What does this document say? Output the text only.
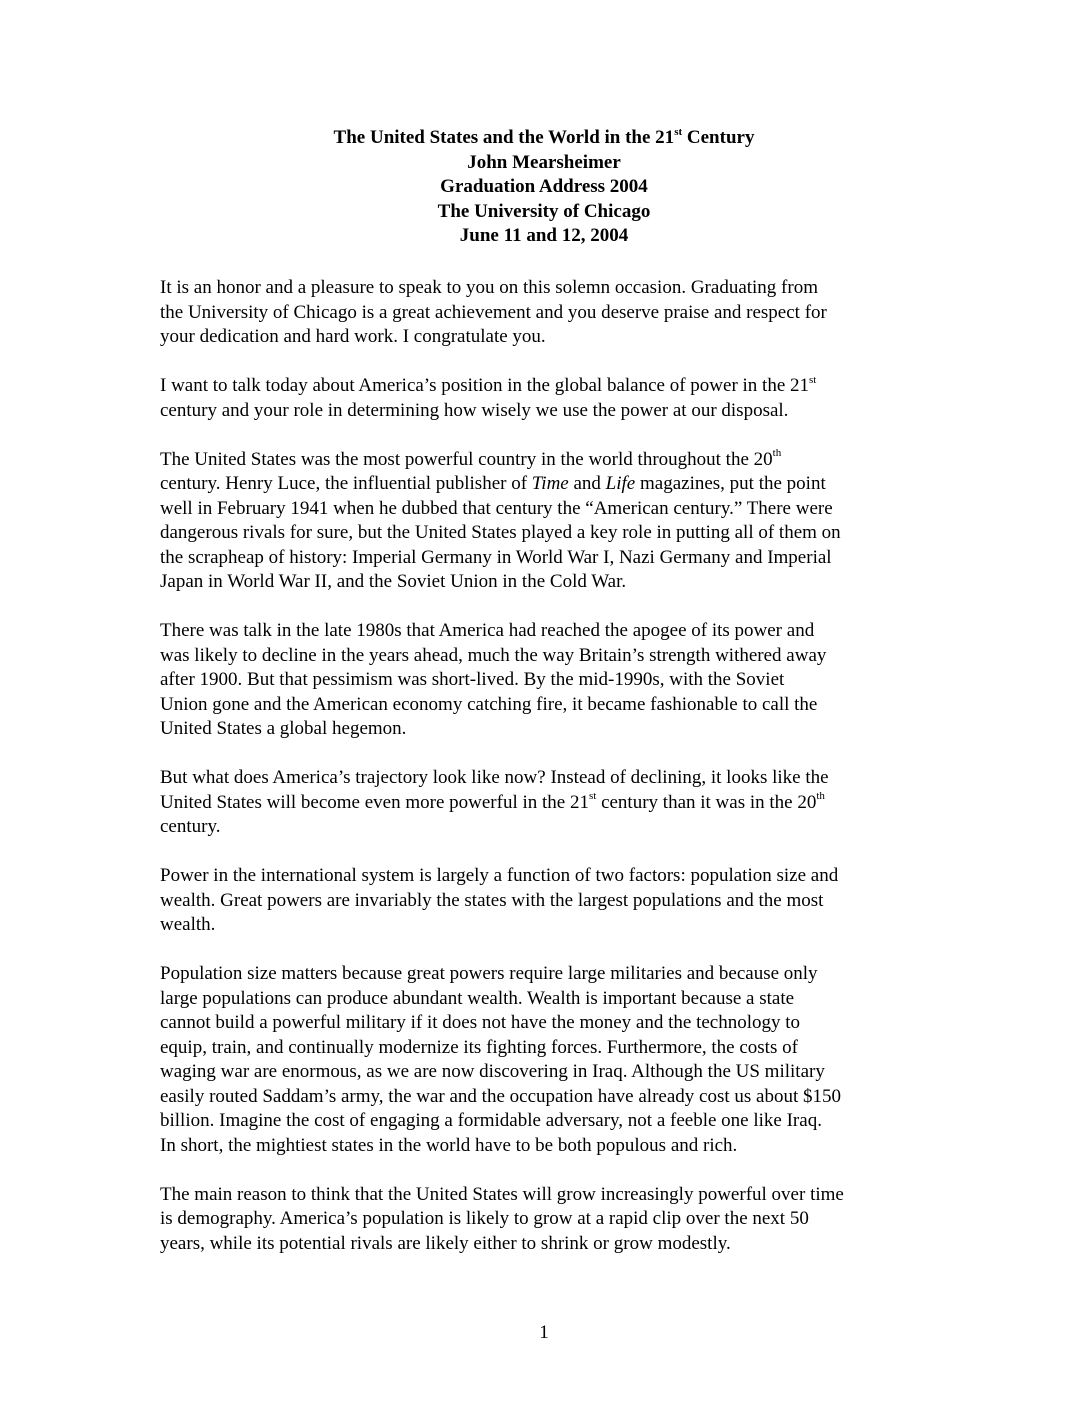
The United States and the World in the 21st Century
John Mearsheimer
Graduation Address 2004
The University of Chicago
June 11 and 12, 2004
It is an honor and a pleasure to speak to you on this solemn occasion. Graduating from
the University of Chicago is a great achievement and you deserve praise and respect for
your dedication and hard work. I congratulate you.
I want to talk today about America’s position in the global balance of power in the 21st
century and your role in determining how wisely we use the power at our disposal.
The United States was the most powerful country in the world throughout the 20th
century. Henry Luce, the influential publisher of Time and Life magazines, put the point
well in February 1941 when he dubbed that century the “American century.” There were
dangerous rivals for sure, but the United States played a key role in putting all of them on
the scrapheap of history: Imperial Germany in World War I, Nazi Germany and Imperial
Japan in World War II, and the Soviet Union in the Cold War.
There was talk in the late 1980s that America had reached the apogee of its power and
was likely to decline in the years ahead, much the way Britain’s strength withered away
after 1900. But that pessimism was short-lived. By the mid-1990s, with the Soviet
Union gone and the American economy catching fire, it became fashionable to call the
United States a global hegemon.
But what does America’s trajectory look like now? Instead of declining, it looks like the
United States will become even more powerful in the 21st century than it was in the 20th
century.
Power in the international system is largely a function of two factors: population size and
wealth. Great powers are invariably the states with the largest populations and the most
wealth.
Population size matters because great powers require large militaries and because only
large populations can produce abundant wealth. Wealth is important because a state
cannot build a powerful military if it does not have the money and the technology to
equip, train, and continually modernize its fighting forces. Furthermore, the costs of
waging war are enormous, as we are now discovering in Iraq. Although the US military
easily routed Saddam’s army, the war and the occupation have already cost us about $150
billion. Imagine the cost of engaging a formidable adversary, not a feeble one like Iraq.
In short, the mightiest states in the world have to be both populous and rich.
The main reason to think that the United States will grow increasingly powerful over time
is demography. America’s population is likely to grow at a rapid clip over the next 50
years, while its potential rivals are likely either to shrink or grow modestly.
1
